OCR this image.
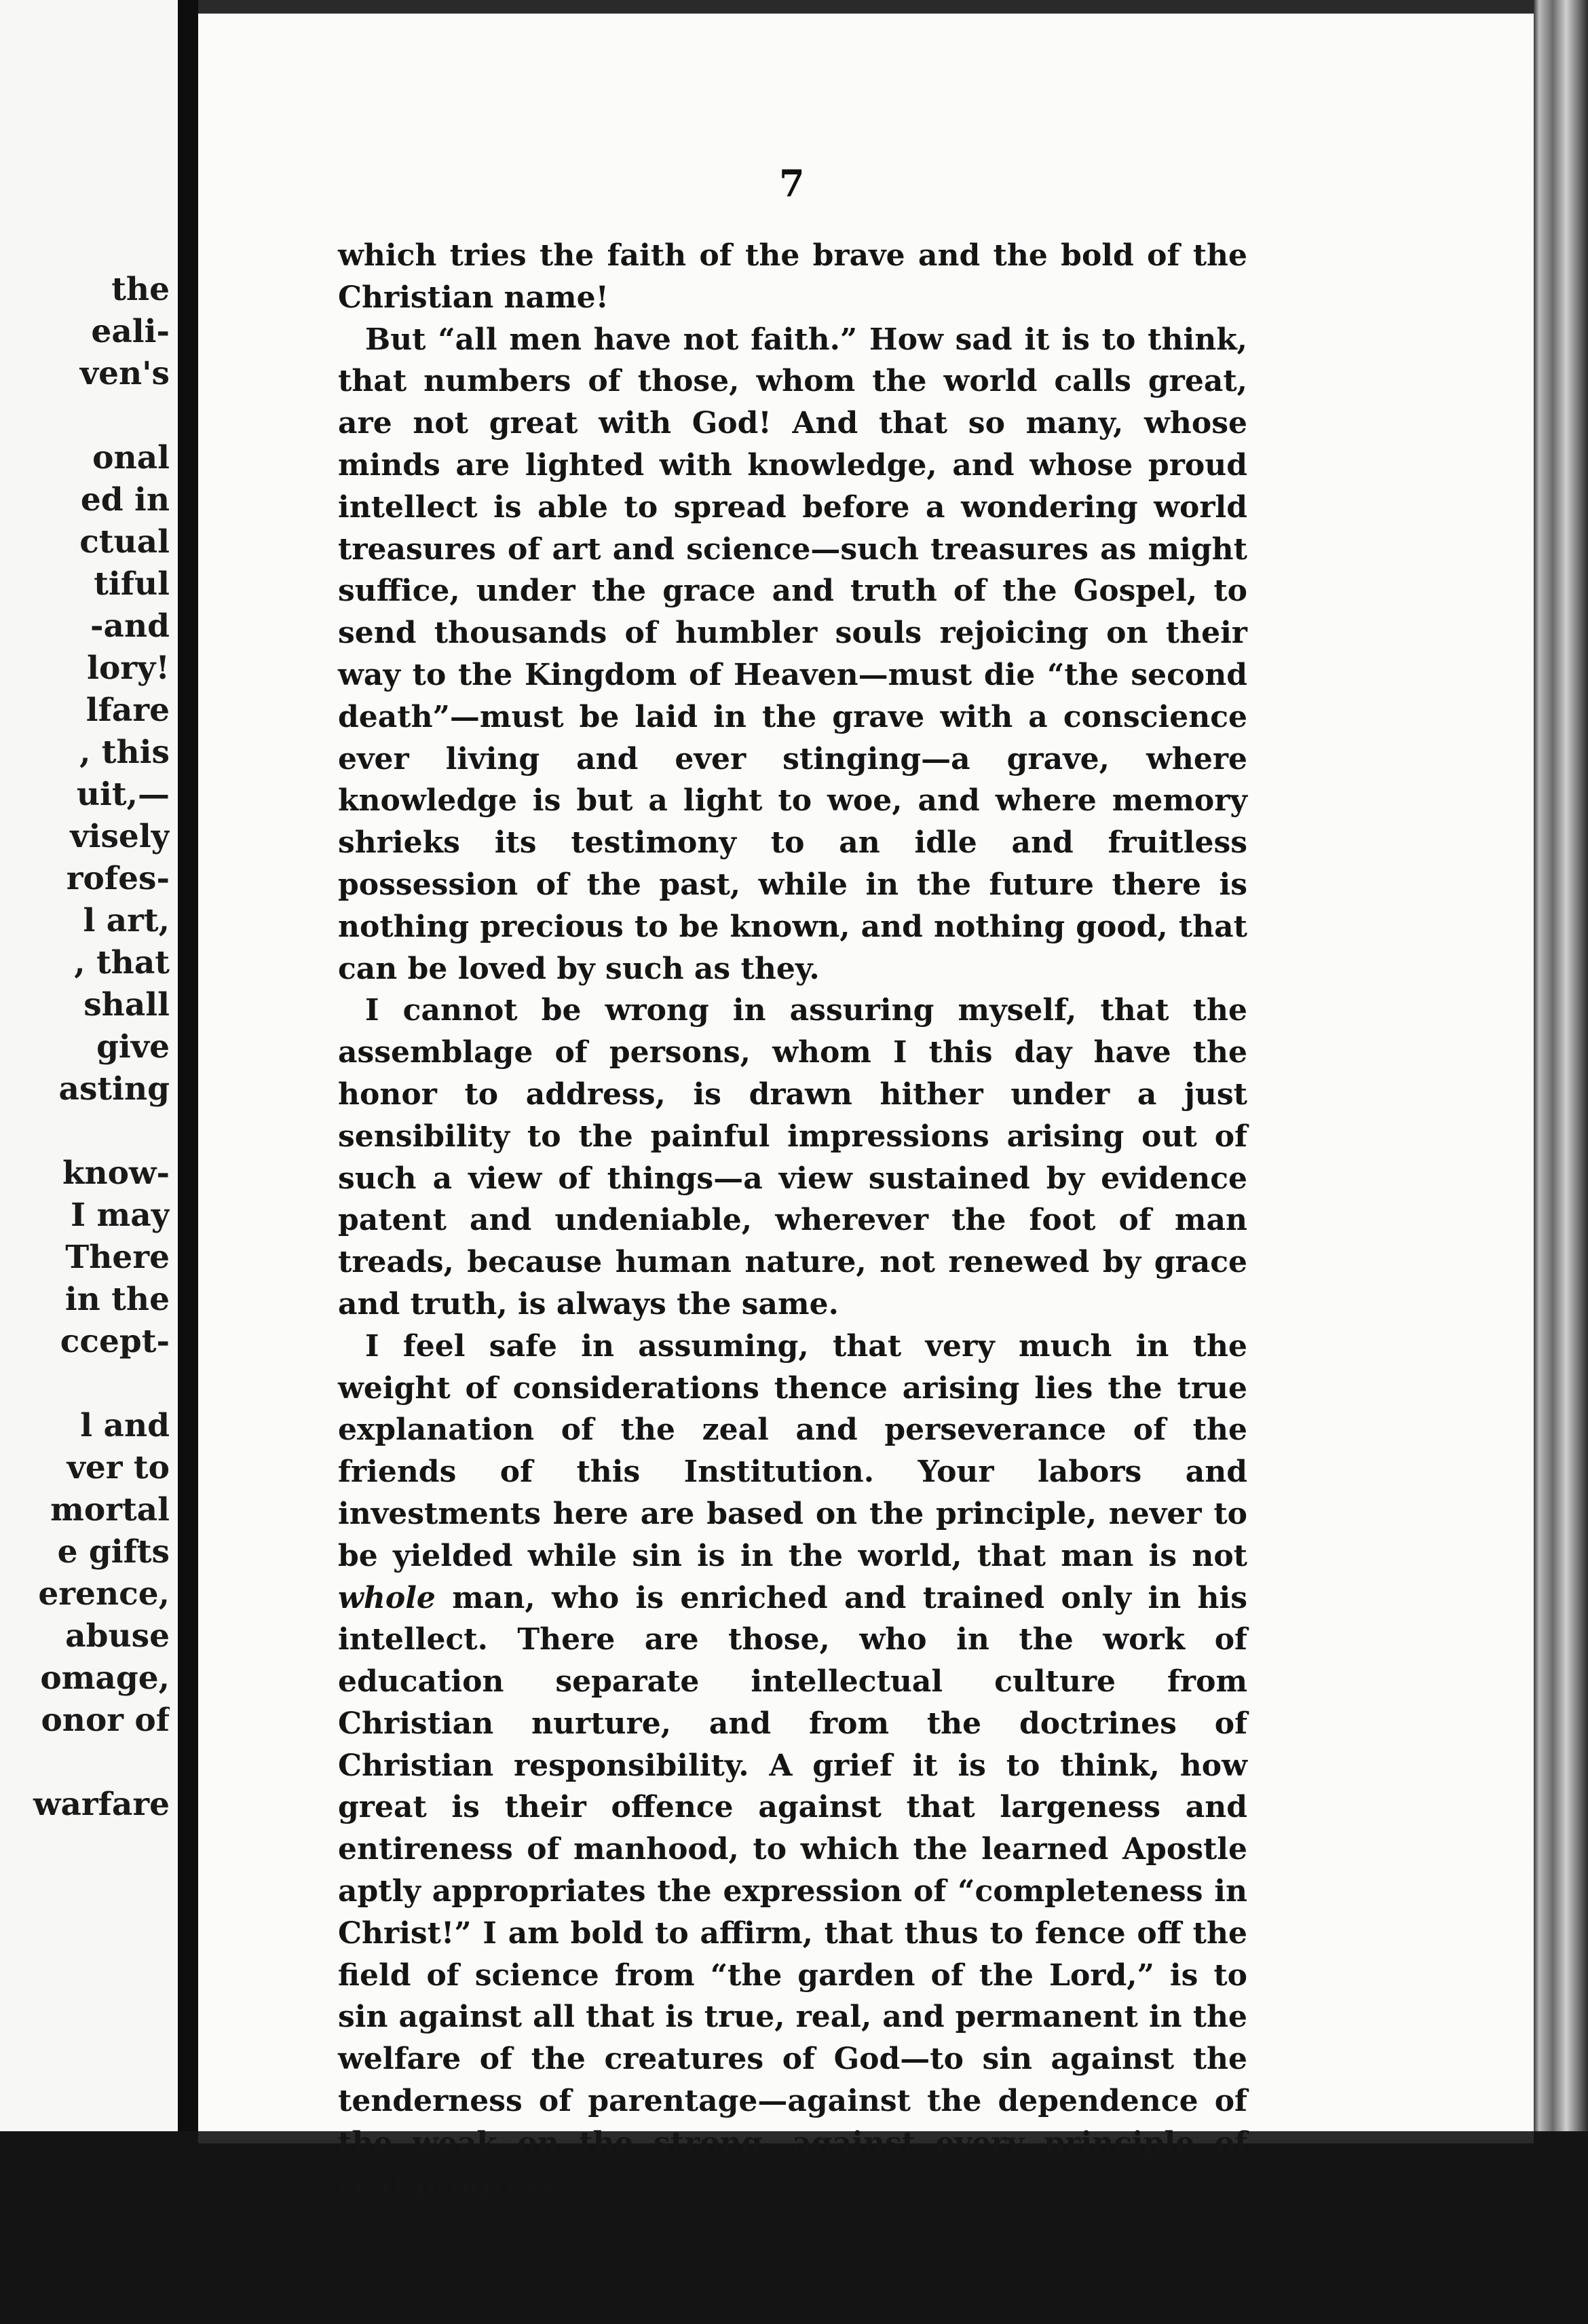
the
eali-
ven's
onal
ed in
ctual
tiful
-and
lory!
lfare
, this
uit,—
visely
rofes-
l art,
, that
shall
give
asting
know-
I may
There
in the
ccept-
l and
ver to
mortal
e gifts
erence,
abuse
omage,
onor of
warfare
7

which tries the faith of the brave and the bold of the Christian name!

But “all men have not faith.” How sad it is to think, that numbers of those, whom the world calls great, are not great with God! And that so many, whose minds are lighted with knowledge, and whose proud intellect is able to spread before a wondering world treasures of art and science—such treasures as might suffice, under the grace and truth of the Gospel, to send thousands of humbler souls rejoicing on their way to the Kingdom of Heaven—must die “the second death”—must be laid in the grave with a conscience ever living and ever stinging—a grave, where knowledge is but a light to woe, and where memory shrieks its testimony to an idle and fruitless possession of the past, while in the future there is nothing precious to be known, and nothing good, that can be loved by such as they.

I cannot be wrong in assuring myself, that the assemblage of persons, whom I this day have the honor to address, is drawn hither under a just sensibility to the painful impressions arising out of such a view of things—a view sustained by evidence patent and undeniable, wherever the foot of man treads, because human nature, not renewed by grace and truth, is always the same.

I feel safe in assuming, that very much in the weight of considerations thence arising lies the true explanation of the zeal and perseverance of the friends of this Institution. Your labors and investments here are based on the principle, never to be yielded while sin is in the world, that man is not whole man, who is enriched and trained only in his intellect. There are those, who in the work of education separate intellectual culture from Christian nurture, and from the doctrines of Christian responsibility. A grief it is to think, how great is their offence against that largeness and entireness of manhood, to which the learned Apostle aptly appropriates the expression of “completeness in Christ!” I am bold to affirm, that thus to fence off the field of science from “the garden of the Lord,” is to sin against all that is true, real, and permanent in the welfare of the creatures of God—to sin against the tenderness of parentage—against the dependence of the weak on the strong—against every principle of real progress
